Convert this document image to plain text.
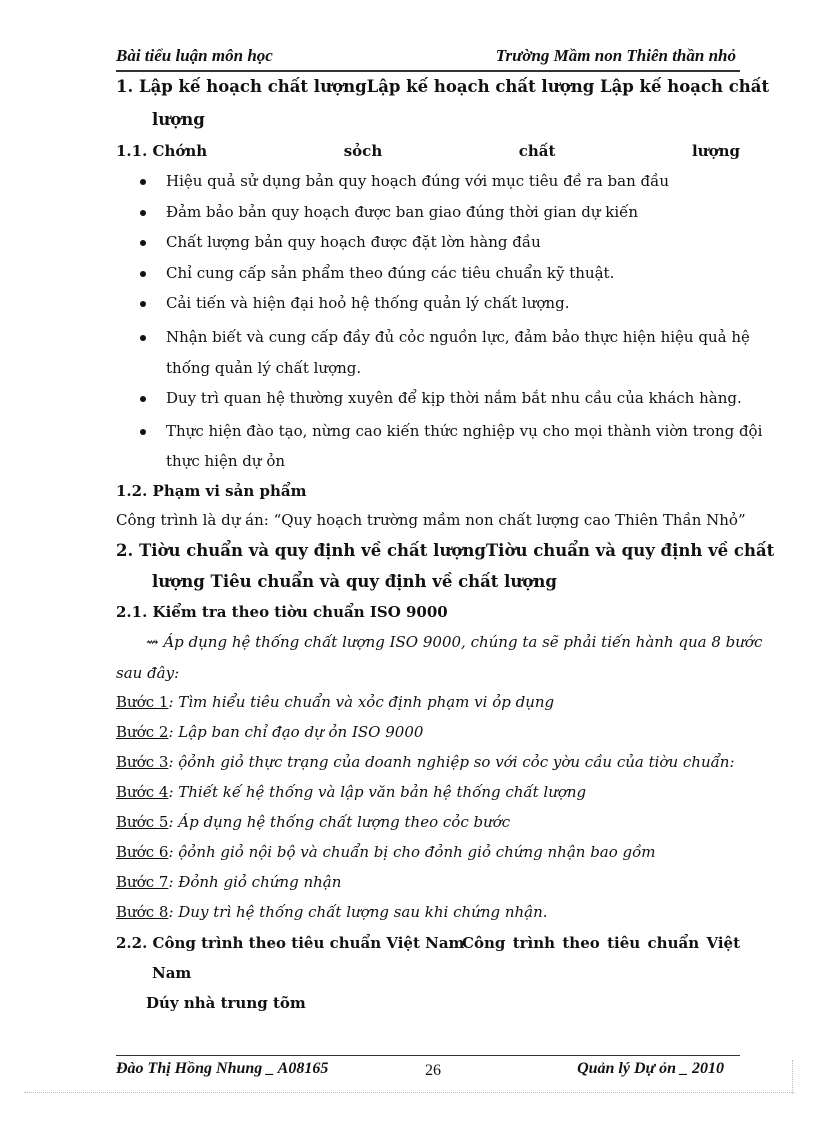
Bài tiểu luận môn học	Trường Mầm non Thiên thần nhỏ
1. Lập kế hoạch chất lượngLập kế hoạch chất lượng Lập kế hoạch chất
lượng
1.1. Chớnh	sỏch	chất	lượng
Hiệu quả sử dụng bản quy hoạch đúng với mục tiêu đề ra ban đầu
Đảm bảo bản quy hoạch được ban giao đúng thời gian dự kiến
Chất lượng bản quy hoạch được đặt lờn hàng đầu
Chỉ cung cấp sản phẩm theo đúng các tiêu chuẩn kỹ thuật.
Cải tiến và hiện đại hoỏ hệ thống quản lý chất lượng.
Nhận biết và cung cấp đầy đủ cỏc nguồn lực, đảm bảo thực hiện hiệu quả hệ
thống quản lý chất lượng.
Duy trì quan hệ thường xuyên để kịp thời nắm bắt nhu cầu của khách hàng.
Thực hiện đào tạo, nừng cao kiến thức nghiệp vụ cho mọi thành viờn trong đội
thực hiện dự ỏn
1.2. Phạm vi sản phẩm
Công trình là dự án: “Quy hoạch trường mầm non chất lượng cao Thiên Thần Nhỏ”
2. Tiờu chuẩn và quy định về chất lượngTiờu chuẩn và quy định về chất
lượng Tiêu chuẩn và quy định về chất lượng
2.1. Kiểm tra theo tiờu chuẩn ISO 9000
⇝ Áp dụng hệ thống chất lượng ISO 9000, chúng ta sẽ phải tiến hành qua 8 bước
sau đây:
Bước 1: Tìm hiểu tiêu chuẩn và xỏc định phạm vi ỏp dụng
Bước 2: Lập ban chỉ đạo dự ỏn ISO 9000
Bước 3: ộỏnh giỏ thực trạng của doanh nghiệp so với cỏc yờu cầu của tiờu chuẩn:
Bước 4: Thiết kế hệ thống và lập văn bản hệ thống chất lượng
Bước 5: Áp dụng hệ thống chất lượng theo cỏc bước
Bước 6: ộỏnh giỏ nội bộ và chuẩn bị cho đỏnh giỏ chứng nhận bao gồm
Bước 7: Đỏnh giỏ chứng nhận
Bước 8: Duy trì hệ thống chất lượng sau khi chứng nhận.
2.2. Công trình theo tiêu chuẩn Việt Nam
Công trình theo tiêu chuẩn Việt
Nam
Dúy nhà trung tõm
Đào Thị Hồng Nhung _ A08165	26	Quản lý Dự ỏn _ 2010
